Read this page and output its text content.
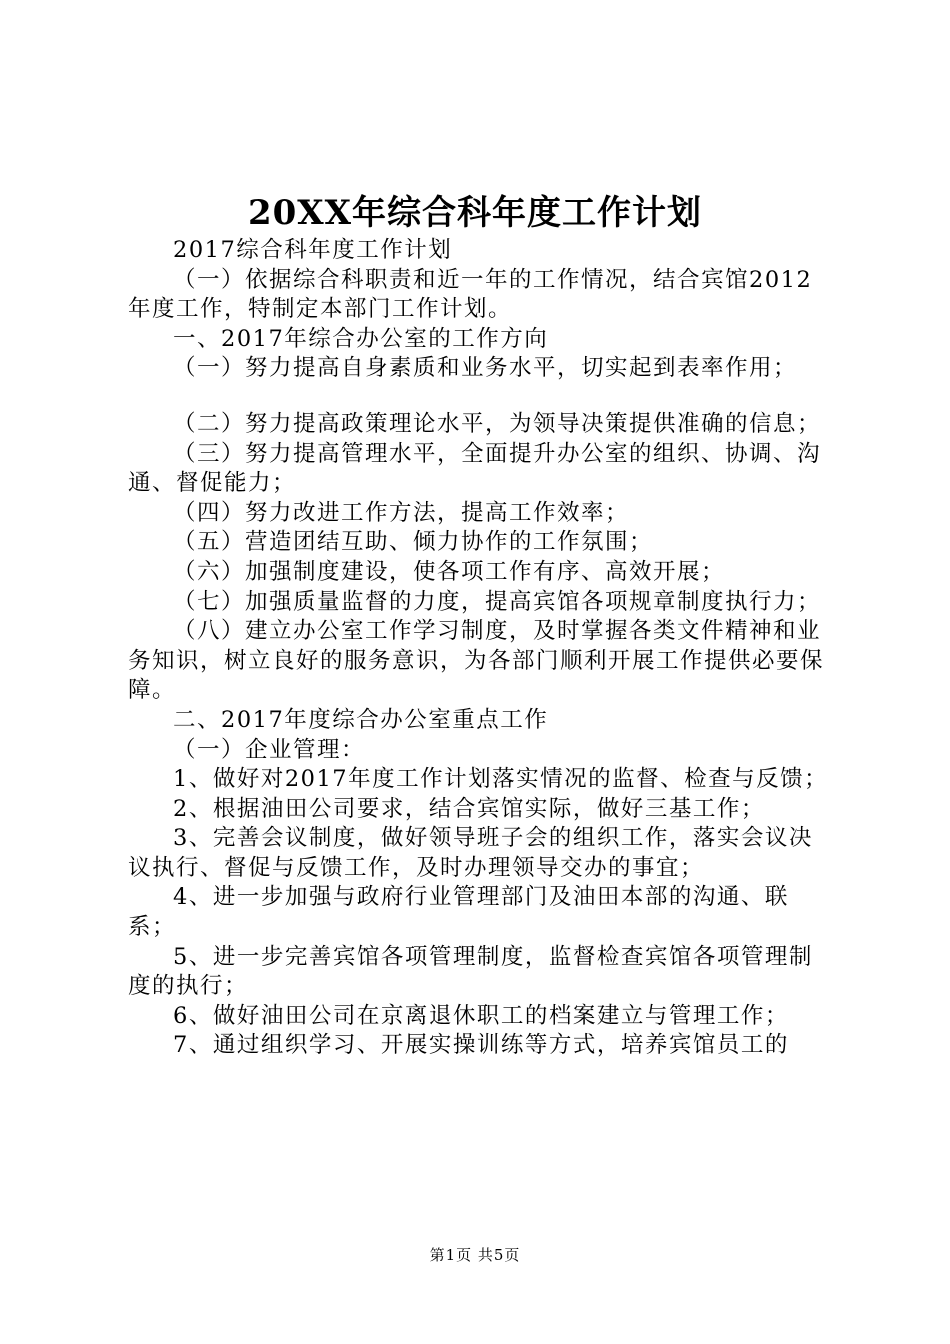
20XX年综合科年度工作计划

2017综合科年度工作计划

（一）依据综合科职责和近一年的工作情况，结合宾馆2012年度工作，特制定本部门工作计划。

一、2017年综合办公室的工作方向

（一）努力提高自身素质和业务水平，切实起到表率作用；

（二）努力提高政策理论水平，为领导决策提供准确的信息；

（三）努力提高管理水平，全面提升办公室的组织、协调、沟通、督促能力；

（四）努力改进工作方法，提高工作效率；

（五）营造团结互助、倾力协作的工作氛围；

（六）加强制度建设，使各项工作有序、高效开展；

（七）加强质量监督的力度，提高宾馆各项规章制度执行力；

（八）建立办公室工作学习制度，及时掌握各类文件精神和业务知识，树立良好的服务意识，为各部门顺利开展工作提供必要保障。

二、2017年度综合办公室重点工作

（一）企业管理：

1、做好对2017年度工作计划落实情况的监督、检查与反馈；

2、根据油田公司要求，结合宾馆实际，做好三基工作；

3、完善会议制度，做好领导班子会的组织工作，落实会议决议执行、督促与反馈工作，及时办理领导交办的事宜；

4、进一步加强与政府行业管理部门及油田本部的沟通、联系；

5、进一步完善宾馆各项管理制度，监督检查宾馆各项管理制度的执行；

6、做好油田公司在京离退休职工的档案建立与管理工作；

7、通过组织学习、开展实操训练等方式，培养宾馆员工的

第1页 共5页
